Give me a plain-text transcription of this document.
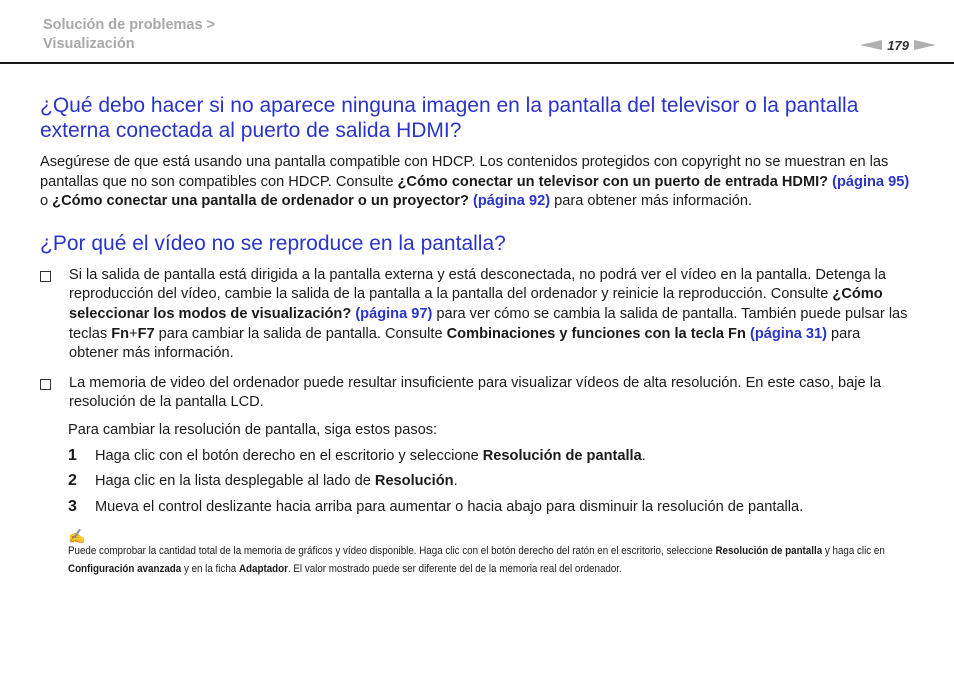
Solución de problemas >
Visualización	179
¿Qué debo hacer si no aparece ninguna imagen en la pantalla del televisor o la pantalla externa conectada al puerto de salida HDMI?

Asegúrese de que está usando una pantalla compatible con HDCP. Los contenidos protegidos con copyright no se muestran en las pantallas que no son compatibles con HDCP. Consulte ¿Cómo conectar un televisor con un puerto de entrada HDMI? (página 95) o ¿Cómo conectar una pantalla de ordenador o un proyector? (página 92) para obtener más información.

¿Por qué el vídeo no se reproduce en la pantalla?

Si la salida de pantalla está dirigida a la pantalla externa y está desconectada, no podrá ver el vídeo en la pantalla. Detenga la reproducción del vídeo, cambie la salida de la pantalla a la pantalla del ordenador y reinicie la reproducción. Consulte ¿Cómo seleccionar los modos de visualización? (página 97) para ver cómo se cambia la salida de pantalla. También puede pulsar las teclas Fn+F7 para cambiar la salida de pantalla. Consulte Combinaciones y funciones con la tecla Fn (página 31) para obtener más información.

La memoria de video del ordenador puede resultar insuficiente para visualizar vídeos de alta resolución. En este caso, baje la resolución de la pantalla LCD.

Para cambiar la resolución de pantalla, siga estos pasos:

1	Haga clic con el botón derecho en el escritorio y seleccione Resolución de pantalla.

2	Haga clic en la lista desplegable al lado de Resolución.

3	Mueva el control deslizante hacia arriba para aumentar o hacia abajo para disminuir la resolución de pantalla.

✍
Puede comprobar la cantidad total de la memoria de gráficos y vídeo disponible. Haga clic con el botón derecho del ratón en el escritorio, seleccione Resolución de pantalla y haga clic en Configuración avanzada y en la ficha Adaptador. El valor mostrado puede ser diferente del de la memoria real del ordenador.
